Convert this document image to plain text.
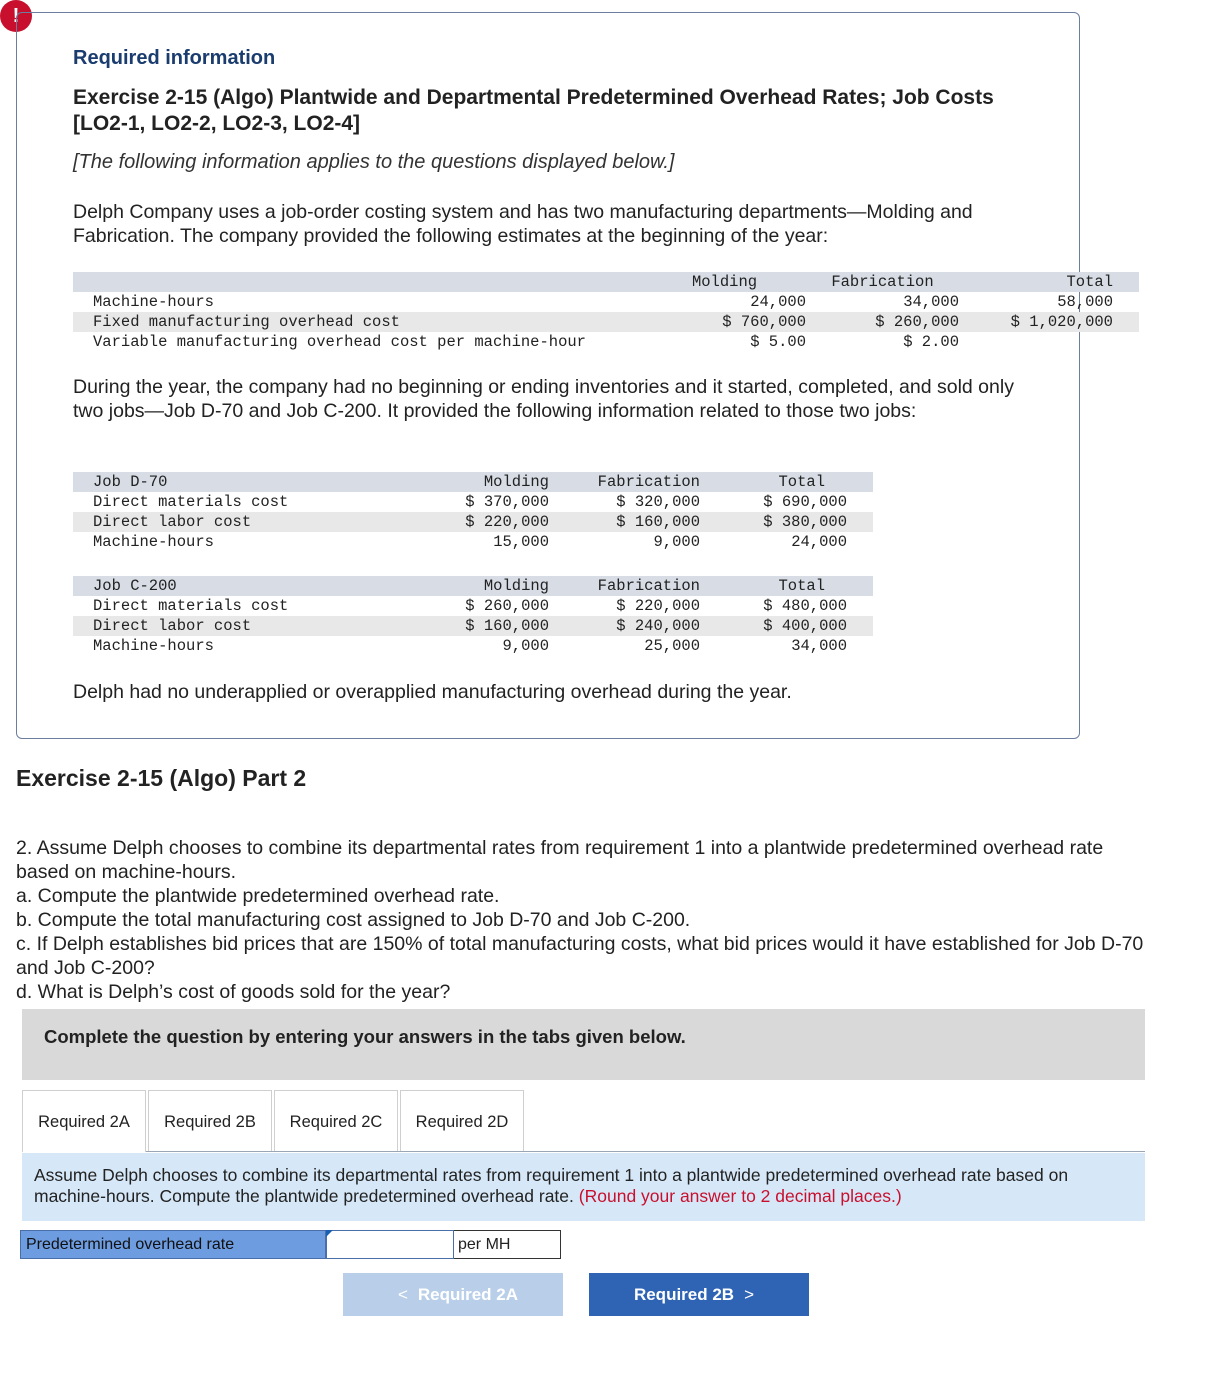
!
Required information
Exercise 2-15 (Algo) Plantwide and Departmental Predetermined Overhead Rates; Job Costs [LO2-1, LO2-2, LO2-3, LO2-4]
[The following information applies to the questions displayed below.]
Delph Company uses a job-order costing system and has two manufacturing departments—Molding and Fabrication. The company provided the following estimates at the beginning of the year:
	Molding	Fabrication	Total	
Machine-hours	24,000	34,000	58,000	
Fixed manufacturing overhead cost	$ 760,000	$ 260,000	$ 1,020,000	
Variable manufacturing overhead cost per machine-hour	$ 5.00	$ 2.00		
During the year, the company had no beginning or ending inventories and it started, completed, and sold only two jobs—Job D-70 and Job C-200. It provided the following information related to those two jobs:
Job D-70	Molding	Fabrication	Total	
Direct materials cost	$ 370,000	$ 320,000	$ 690,000	
Direct labor cost	$ 220,000	$ 160,000	$ 380,000	
Machine-hours	15,000	9,000	24,000	
Job C-200	Molding	Fabrication	Total	
Direct materials cost	$ 260,000	$ 220,000	$ 480,000	
Direct labor cost	$ 160,000	$ 240,000	$ 400,000	
Machine-hours	9,000	25,000	34,000	
Delph had no underapplied or overapplied manufacturing overhead during the year.
Exercise 2-15 (Algo) Part 2
2. Assume Delph chooses to combine its departmental rates from requirement 1 into a plantwide predetermined overhead rate based on machine-hours.
a. Compute the plantwide predetermined overhead rate.
b. Compute the total manufacturing cost assigned to Job D-70 and Job C-200.
c. If Delph establishes bid prices that are 150% of total manufacturing costs, what bid prices would it have established for Job D-70 and Job C-200?
d. What is Delph’s cost of goods sold for the year?
Complete the question by entering your answers in the tabs given below.
Required 2A	Required 2B	Required 2C	Required 2D
Assume Delph chooses to combine its departmental rates from requirement 1 into a plantwide predetermined overhead rate based on machine-hours. Compute the plantwide predetermined overhead rate. (Round your answer to 2 decimal places.)
Predetermined overhead rate	per MH
< Required 2A	Required 2B >
